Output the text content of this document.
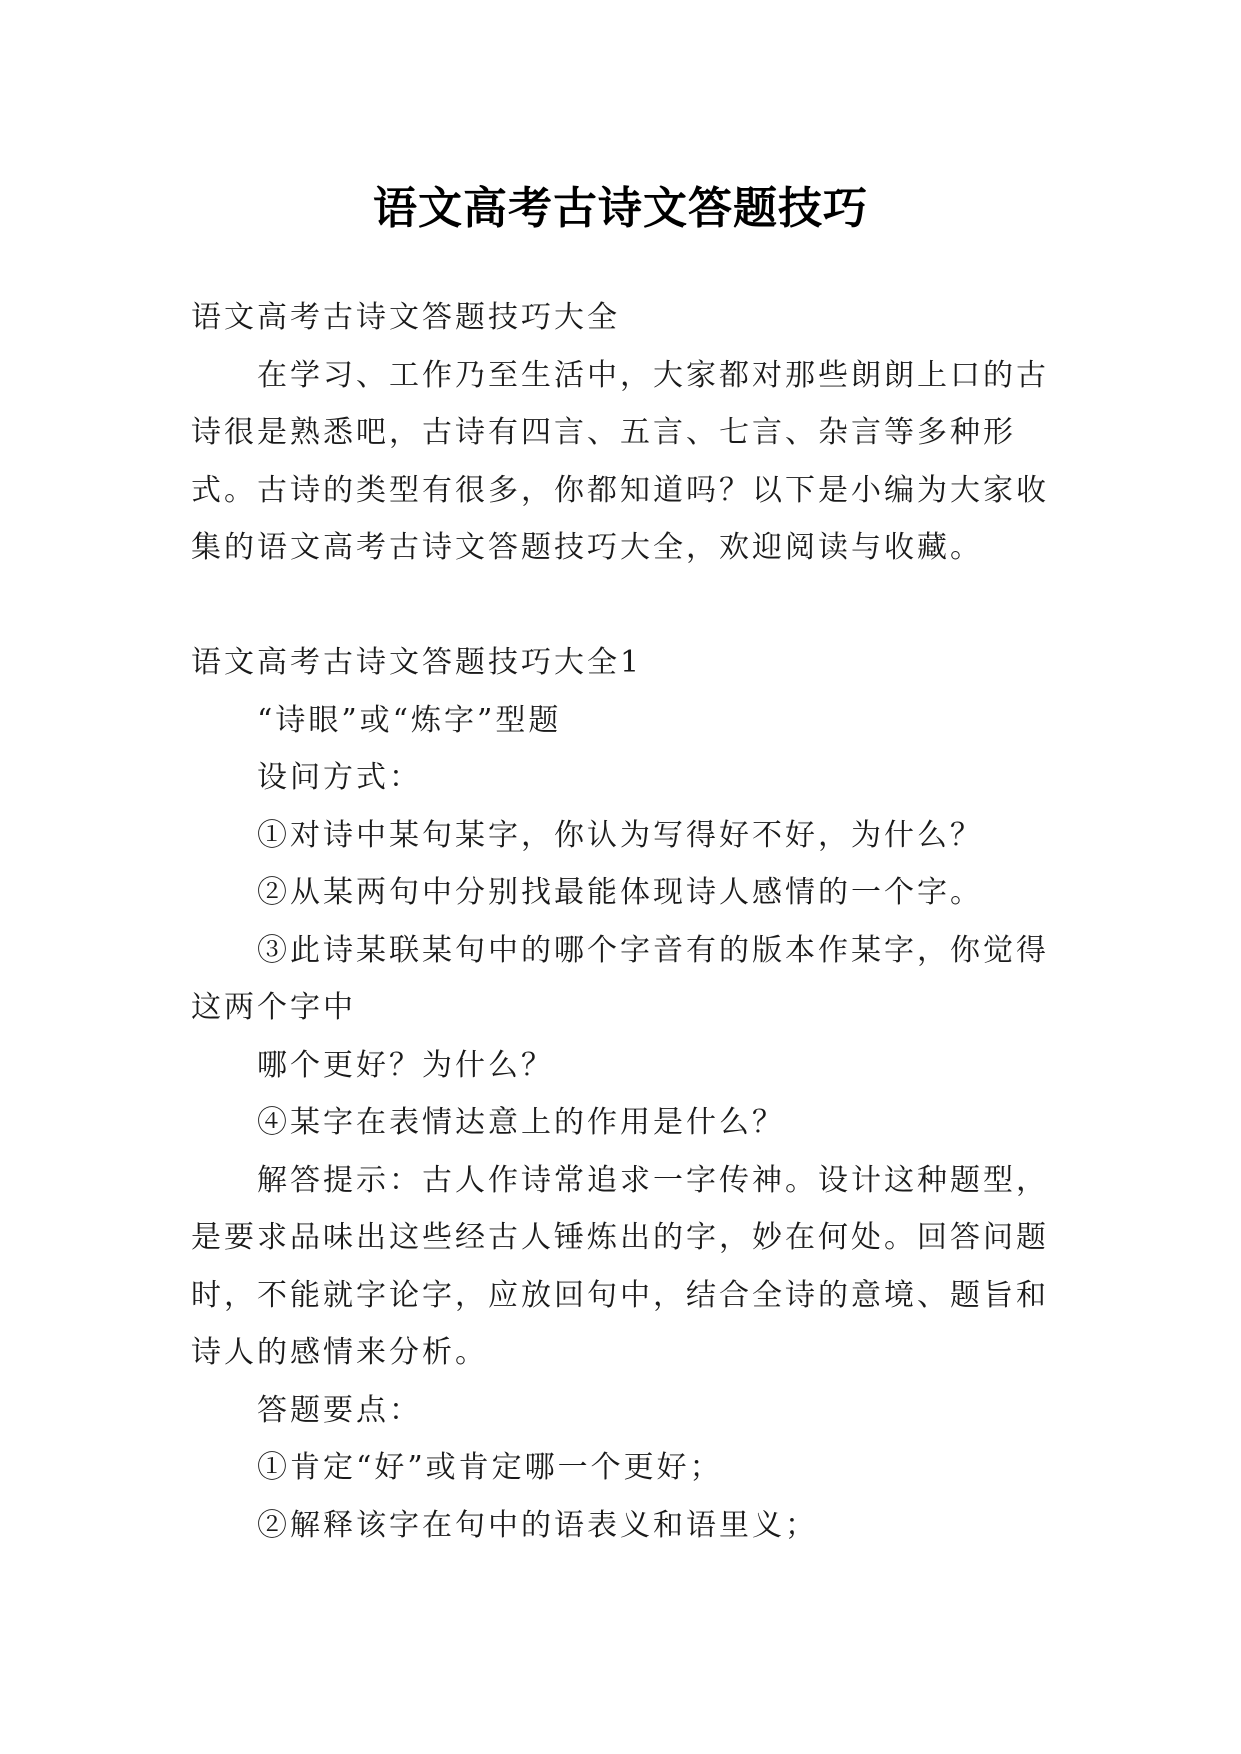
语文高考古诗文答题技巧

语文高考古诗文答题技巧大全

在学习、工作乃至生活中，大家都对那些朗朗上口的古诗很是熟悉吧，古诗有四言、五言、七言、杂言等多种形式。古诗的类型有很多，你都知道吗？以下是小编为大家收集的语文高考古诗文答题技巧大全，欢迎阅读与收藏。

语文高考古诗文答题技巧大全1

“诗眼”或“炼字”型题

设问方式：

①对诗中某句某字，你认为写得好不好，为什么？

②从某两句中分别找最能体现诗人感情的一个字。

③此诗某联某句中的哪个字音有的版本作某字，你觉得这两个字中

哪个更好？为什么？

④某字在表情达意上的作用是什么？

解答提示：古人作诗常追求一字传神。设计这种题型，是要求品味出这些经古人锤炼出的字，妙在何处。回答问题时，不能就字论字，应放回句中，结合全诗的意境、题旨和诗人的感情来分析。

答题要点：

①肯定“好”或肯定哪一个更好；

②解释该字在句中的语表义和语里义；
